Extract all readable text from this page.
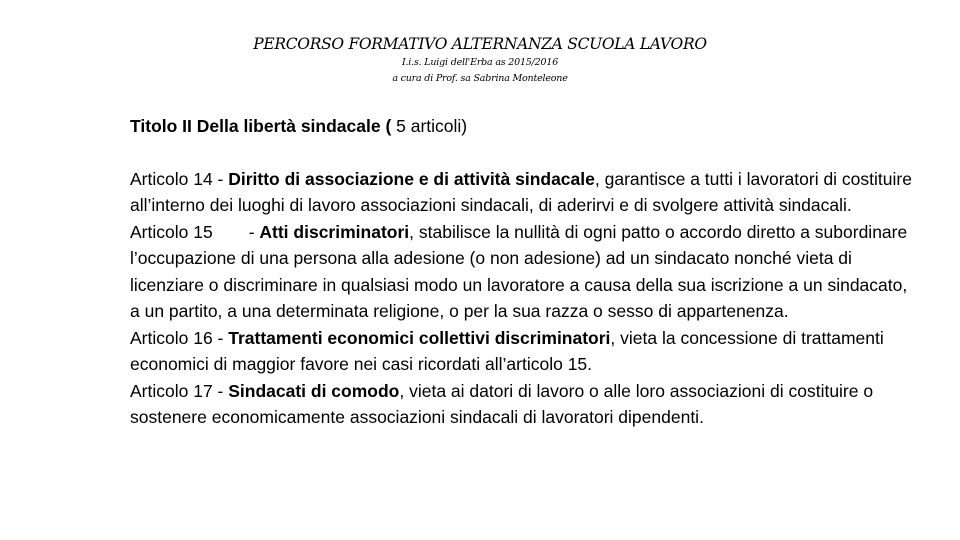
PERCORSO FORMATIVO ALTERNANZA SCUOLA LAVORO

I.i.s. Luigi dell'Erba as 2015/2016

a cura di Prof. sa Sabrina Monteleone

Titolo II Della libertà sindacale ( 5 articoli)

Articolo 14 - Diritto di associazione e di attività sindacale, garantisce a tutti i lavoratori di costituire all’interno dei luoghi di lavoro associazioni sindacali, di aderirvi e di svolgere attività sindacali.

Articolo 15 - Atti discriminatori, stabilisce la nullità di ogni patto o accordo diretto a subordinare l’occupazione di una persona alla adesione (o non adesione) ad un sindacato nonché vieta di licenziare o discriminare in qualsiasi modo un lavoratore a causa della sua iscrizione a un sindacato, a un partito, a una determinata religione, o per la sua razza o sesso di appartenenza.

Articolo 16 - Trattamenti economici collettivi discriminatori, vieta la concessione di trattamenti economici di maggior favore nei casi ricordati all’articolo 15.

Articolo 17 - Sindacati di comodo, vieta ai datori di lavoro o alle loro associazioni di costituire o sostenere economicamente associazioni sindacali di lavoratori dipendenti.
